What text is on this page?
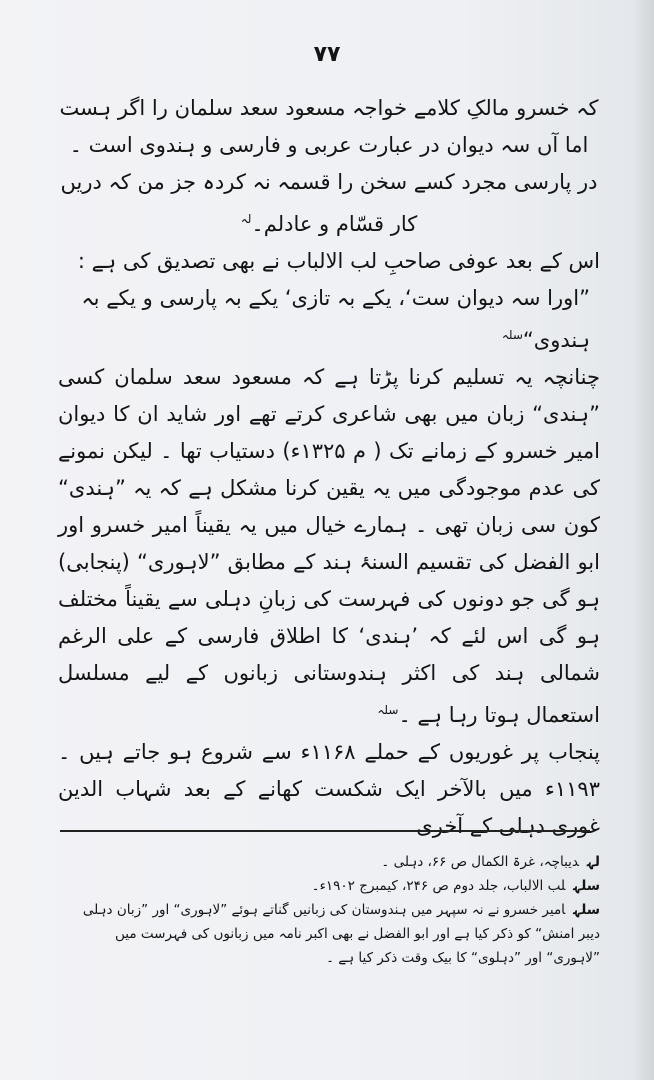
۷۷

کہ خسرو مالکِ کلامے خواجہ مسعود سعد سلمان را اگر ہست اما آں سہ دیوان در عبارت عربی و فارسی و ہندوی است ۔ در پارسی مجرد کسے سخن را قسمہ نہ کردہ جز من کہ دریں کار قسّام و عادلم۔$^{لہ}$

اس کے بعد عوفی صاحبِ لب الالباب نے بھی تصدیق کی ہے :

”اورا سہ دیوان ست‘، یکے بہ تازی‘ یکے بہ پارسی و یکے بہ ہندوی“$^{سلہ}$

چنانچہ یہ تسلیم کرنا پڑتا ہے کہ مسعود سعد سلمان کسی ”ہندی“ زبان میں بھی شاعری کرتے تھے اور شاید ان کا دیوان امیر خسرو کے زمانے تک ( م ۱۳۲۵ء) دستیاب تھا ۔ لیکن نمونے کی عدم موجودگی میں یہ یقین کرنا مشکل ہے کہ یہ ”ہندی“ کون سی زبان تھی ۔ ہمارے خیال میں یہ یقیناً امیر خسرو اور ابو الفضل کی تقسیم السنۂ ہند کے مطابق ”لاہوری“ (پنجابی) ہو گی جو دونوں کی فہرست کی زبانِ دہلی سے یقیناً مختلف ہو گی اس لئے کہ ’ہندی‘ کا اطلاق فارسی کے علی الرغم شمالی ہند کی اکثر ہندوستانی زبانوں کے لیے مسلسل استعمال ہوتا رہا ہے ۔$^{سلہ}$

پنجاب پر غوریوں کے حملے ۱۱۶۸ء سے شروع ہو جاتے ہیں ۔ ۱۱۹۳ء میں بالآخر ایک شکست کھانے کے بعد شہاب الدین غوری دہلی کے آخری

لہدیباچہ، غرۃ الکمال ص ۶۶، دہلی ۔
سلہلب الالباب، جلد دوم ص ۲۴۶، کیمبرج ۱۹۰۲ء۔
سلہامیر خسرو نے نہ سپہر میں ہندوستان کی زبانیں گناتے ہوئے ”لاہوری“ اور ”زبان دہلی دیبر امنش“ کو ذکر کیا ہے اور ابو الفضل نے بھی اکبر نامہ میں زبانوں کی فہرست میں ”لاہوری“ اور ”دہلوی“ کا بیک وقت ذکر کیا ہے ۔
